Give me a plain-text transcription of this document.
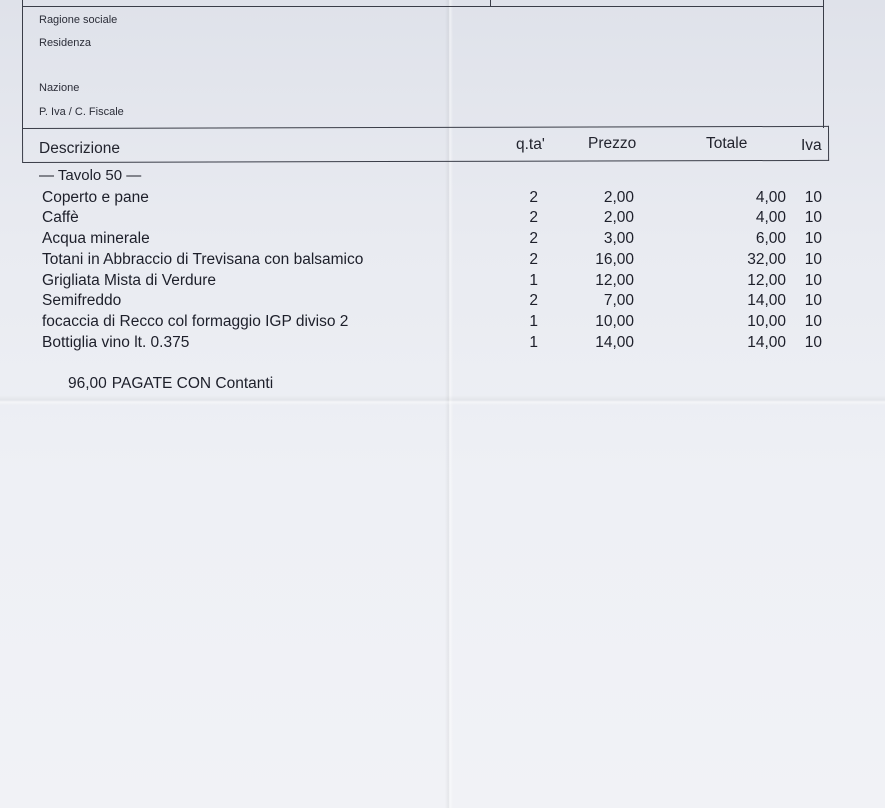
Ragione sociale
Residenza
Nazione
P. Iva / C. Fiscale
Descrizione	q.ta'	Prezzo	Totale	Iva
— Tavolo 50 —
Coperto e pane	2	2,00	4,00	10
Caffè	2	2,00	4,00	10
Acqua minerale	2	3,00	6,00	10
Totani in Abbraccio di Trevisana con balsamico	2	16,00	32,00	10
Grigliata Mista di Verdure	1	12,00	12,00	10
Semifreddo	2	7,00	14,00	10
focaccia di Recco col formaggio IGP diviso 2	1	10,00	10,00	10
Bottiglia vino lt. 0.375	1	14,00	14,00	10
96,00 PAGATE CON Contanti
